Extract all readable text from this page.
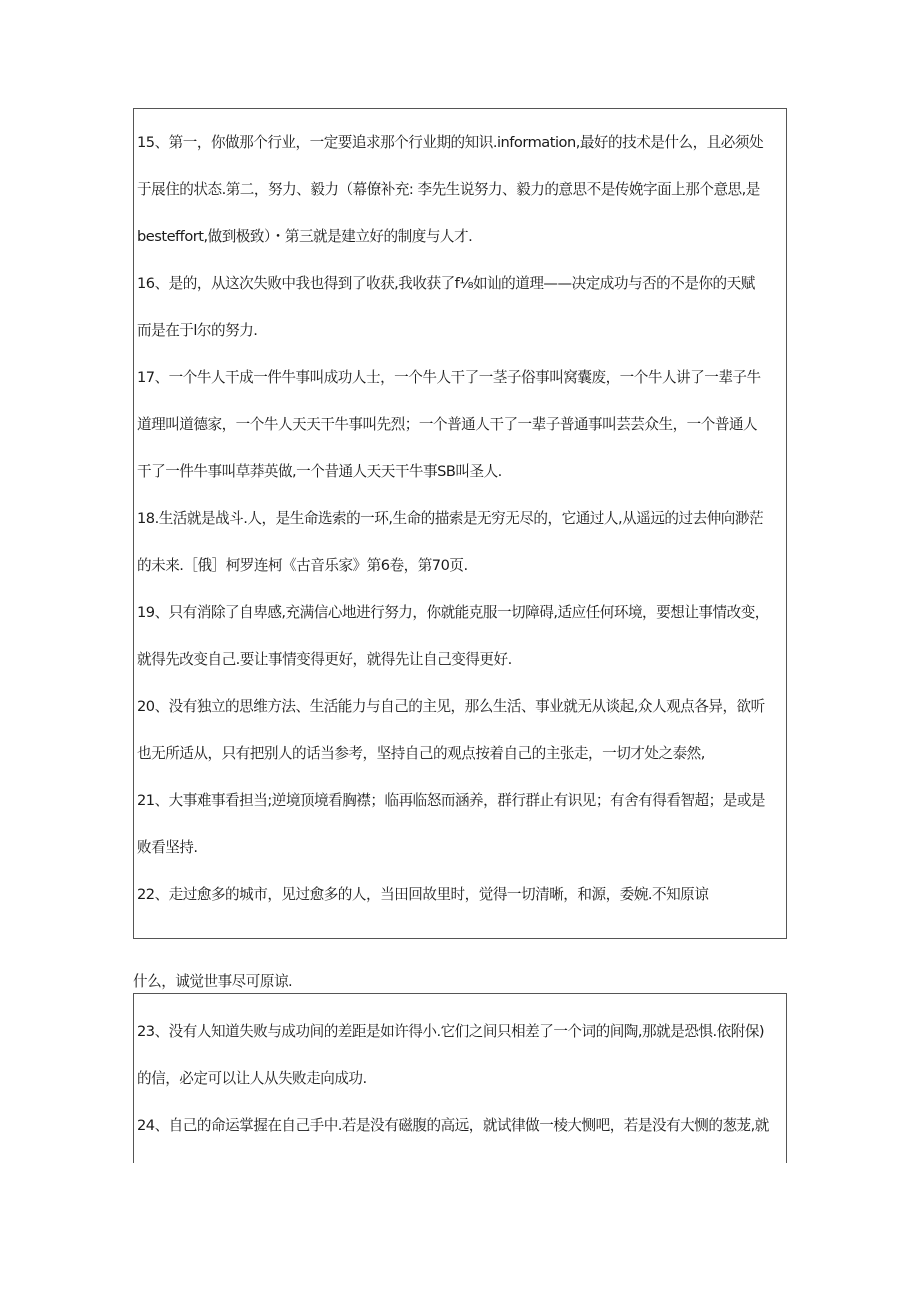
15、第一，你做那个行业，一定要追求那个行业期的知识.information,最好的技术是什么，且必须处
于展住的状态.第二，努力、毅力（幕僚补充: 李先生说努力、毅力的意思不是传娩字面上那个意思,是
besteffort,做到极致）・第三就是建立好的制度与人才.
16、是的，从这次失败中我也得到了收获,我收获了f⅛如讪的道理——决定成功与否的不是你的天赋
而是在于l尔的努力.
17、一个牛人干成一件牛事叫成功人士，一个牛人干了一茎子俗事叫窝囊废，一个牛人讲了一辈子牛
道理叫道德家，一个牛人天天干牛事叫先烈；一个普通人干了一辈子普通事叫芸芸众生，一个普通人
干了一件牛事叫草莽英做,一个昔通人天天干牛事SB叫圣人.
18.生活就是战斗.人，是生命选索的一环,生命的描索是无穷无尽的，它通过人,从遥远的过去伸向渺茫
的未来.［俄］柯罗连柯《古音乐家》第6卷，第70页.
19、只有消除了自卑感,充满信心地进行努力，你就能克服一切障碍,适应任何环境，要想让事情改变，
就得先改变自己.要让事情变得更好，就得先让自己变得更好.
20、没有独立的思维方法、生活能力与自己的主见，那么生活、事业就无从谈起,众人观点各异，欲听
也无所适从，只有把别人的话当参考，坚持自己的观点按着自己的主张走，一切才处之泰然,
21、大事难事看担当;逆境顶境看胸襟；临再临怒而涵养，群行群止有识见；有舍有得看智超；是或是
败看坚持.
22、走过愈多的城市，见过愈多的人，当田回故里时，觉得一切清晰，和源，委婉.不知原谅
什么，诚觉世事尽可原谅.
23、没有人知道失败与成功间的差距是如许得小.它们之间只相差了一个词的间陶,那就是恐惧.依附保)
的信，必定可以让人从失败走向成功.
24、自己的命运掌握在自己手中.若是没有磁腹的高远，就试律做一棱大恻吧，若是没有大恻的葱茏,就
